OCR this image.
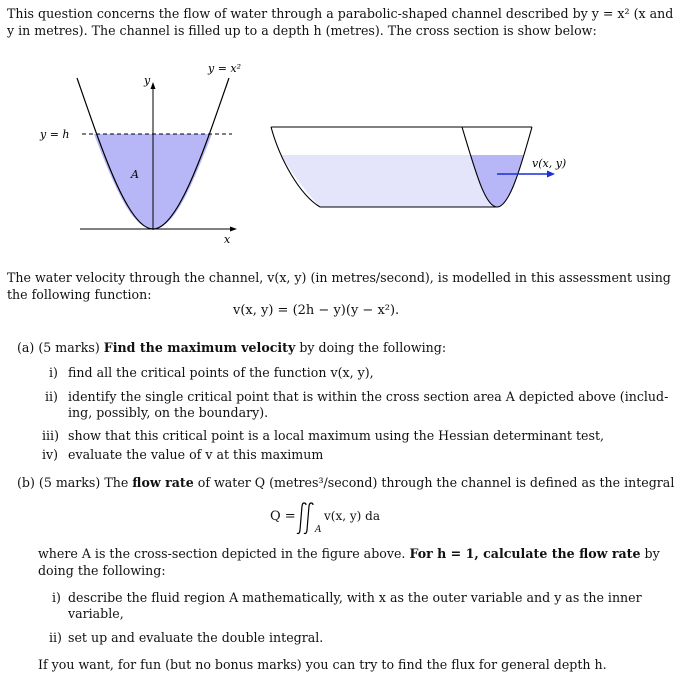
This question concerns the flow of water through a parabolic-shaped channel described by y = x² (x and
y in metres). The channel is filled up to a depth h (metres). The cross section is show below:
y = x²
y
y = h
A
x
v(x, y)
The water velocity through the channel, v(x, y) (in metres/second), is modelled in this assessment using
the following function:
v(x, y) = (2h − y)(y − x²).
(a) (5 marks) Find the maximum velocity by doing the following:
i) find all the critical points of the function v(x, y),
ii) identify the single critical point that is within the cross section area A depicted above (includ-
ing, possibly, on the boundary).
iii) show that this critical point is a local maximum using the Hessian determinant test,
iv) evaluate the value of v at this maximum
(b) (5 marks) The flow rate of water Q (metres³/second) through the channel is defined as the integral
Q =
A
v(x, y) da
where A is the cross-section depicted in the figure above. For h = 1, calculate the flow rate by
doing the following:
i) describe the fluid region A mathematically, with x as the outer variable and y as the inner
variable,
ii) set up and evaluate the double integral.
If you want, for fun (but no bonus marks) you can try to find the flux for general depth h.
